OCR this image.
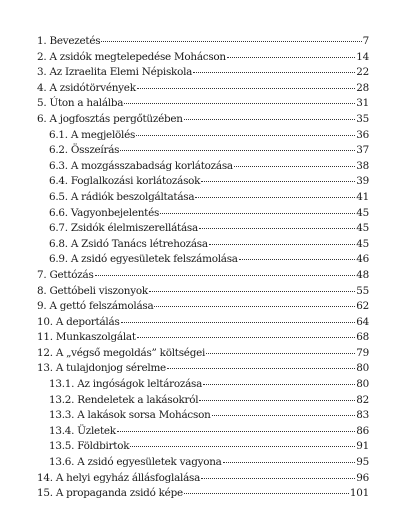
1. Bevezetés	7
2. A zsidók megtelepedése Mohácson	14
3. Az Izraelita Elemi Népiskola	22
4. A zsidótörvények	28
5. Úton a halálba	31
6. A jogfosztás pergőtüzében	35
6.1. A megjelölés	36
6.2. Összeírás	37
6.3. A mozgásszabadság korlátozása	38
6.4. Foglalkozási korlátozások	39
6.5. A rádiók beszolgáltatása	41
6.6. Vagyonbejelentés	45
6.7. Zsidók élelmiszerellátása	45
6.8. A Zsidó Tanács létrehozása	45
6.9. A zsidó egyesületek felszámolása	46
7. Gettózás	48
8. Gettóbeli viszonyok	55
9. A gettó felszámolása	62
10. A deportálás	64
11. Munkaszolgálat	68
12. A „végső megoldás” költségei	79
13. A tulajdonjog sérelme	80
13.1. Az ingóságok leltározása	80
13.2. Rendeletek a lakásokról	82
13.3. A lakások sorsa Mohácson	83
13.4. Üzletek	86
13.5. Földbirtok	91
13.6. A zsidó egyesületek vagyona	95
14. A helyi egyház állásfoglalása	96
15. A propaganda zsidó képe	101
